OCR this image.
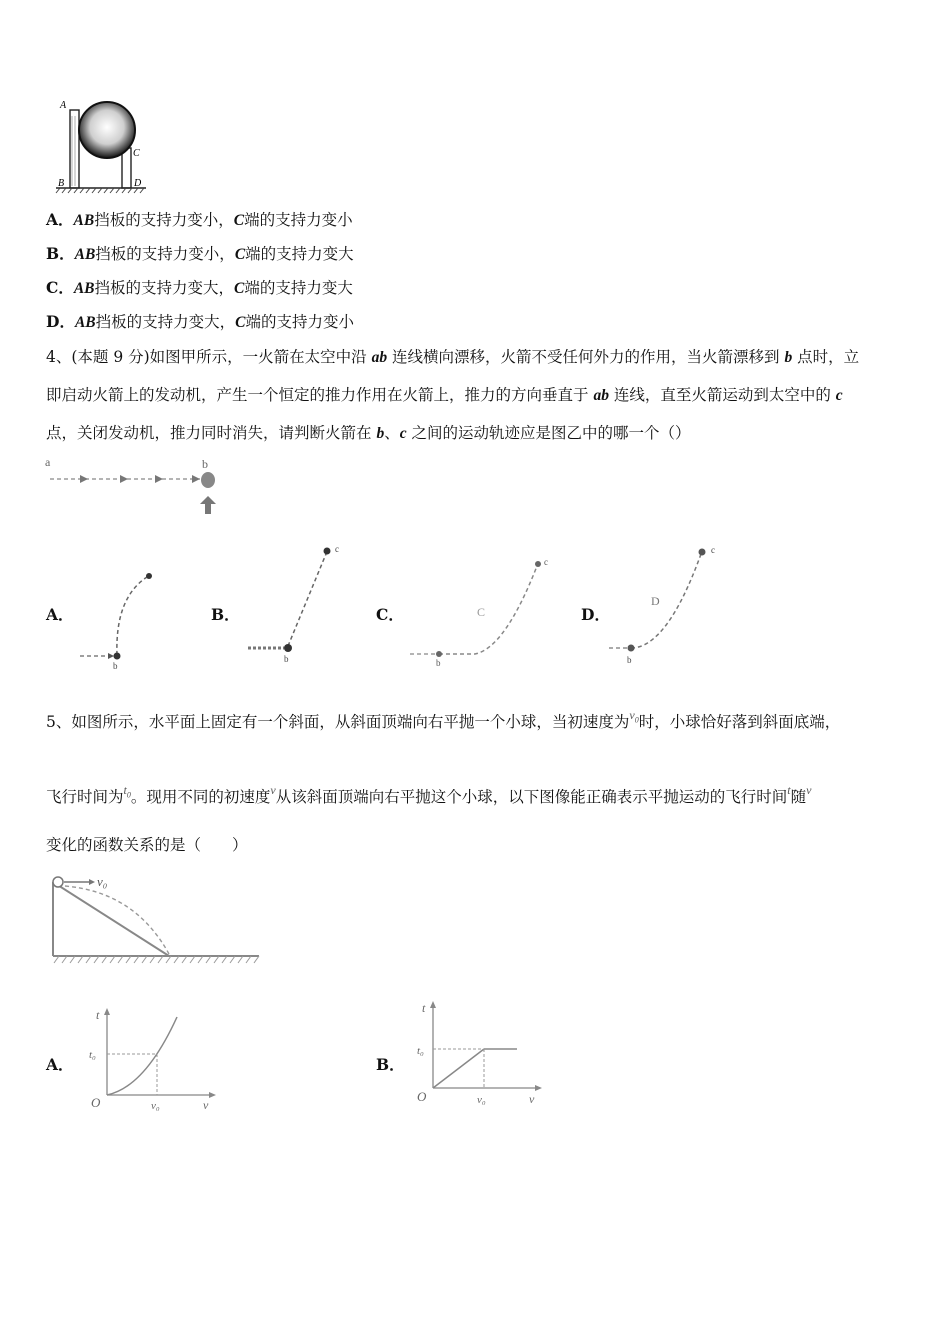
A
B
C
D
A．AB挡板的支持力变小，C端的支持力变小
B．AB挡板的支持力变小，C端的支持力变大
C．AB挡板的支持力变大，C端的支持力变大
D．AB挡板的支持力变大，C端的支持力变小
4、(本题 9 分)如图甲所示，一火箭在太空中沿 ab 连线横向漂移，火箭不受任何外力的作用，当火箭漂移到 b 点时，立
即启动火箭上的发动机，产生一个恒定的推力作用在火箭上，推力的方向垂直于 ab 连线，直至火箭运动到太空中的 c
点，关闭发动机，推力同时消失，请判断火箭在 b、c 之间的运动轨迹应是图乙中的哪一个（）
a	b
A．	B．	C．	D．
b
b
c
b
c
C
b
c
D
5、如图所示，水平面上固定有一个斜面，从斜面顶端向右平抛一个小球，当初速度为$^{v_0}$时，小球恰好落到斜面底端，
飞行时间为$^{t_0}$。现用不同的初速度$^v$从该斜面顶端向右平抛这个小球，以下图像能正确表示平抛运动的飞行时间$^t$随$^v$
变化的函数关系的是（　　）
v₀
A．	B．
t
t₀
O	v₀	v
t
t₀
O	v₀	v
